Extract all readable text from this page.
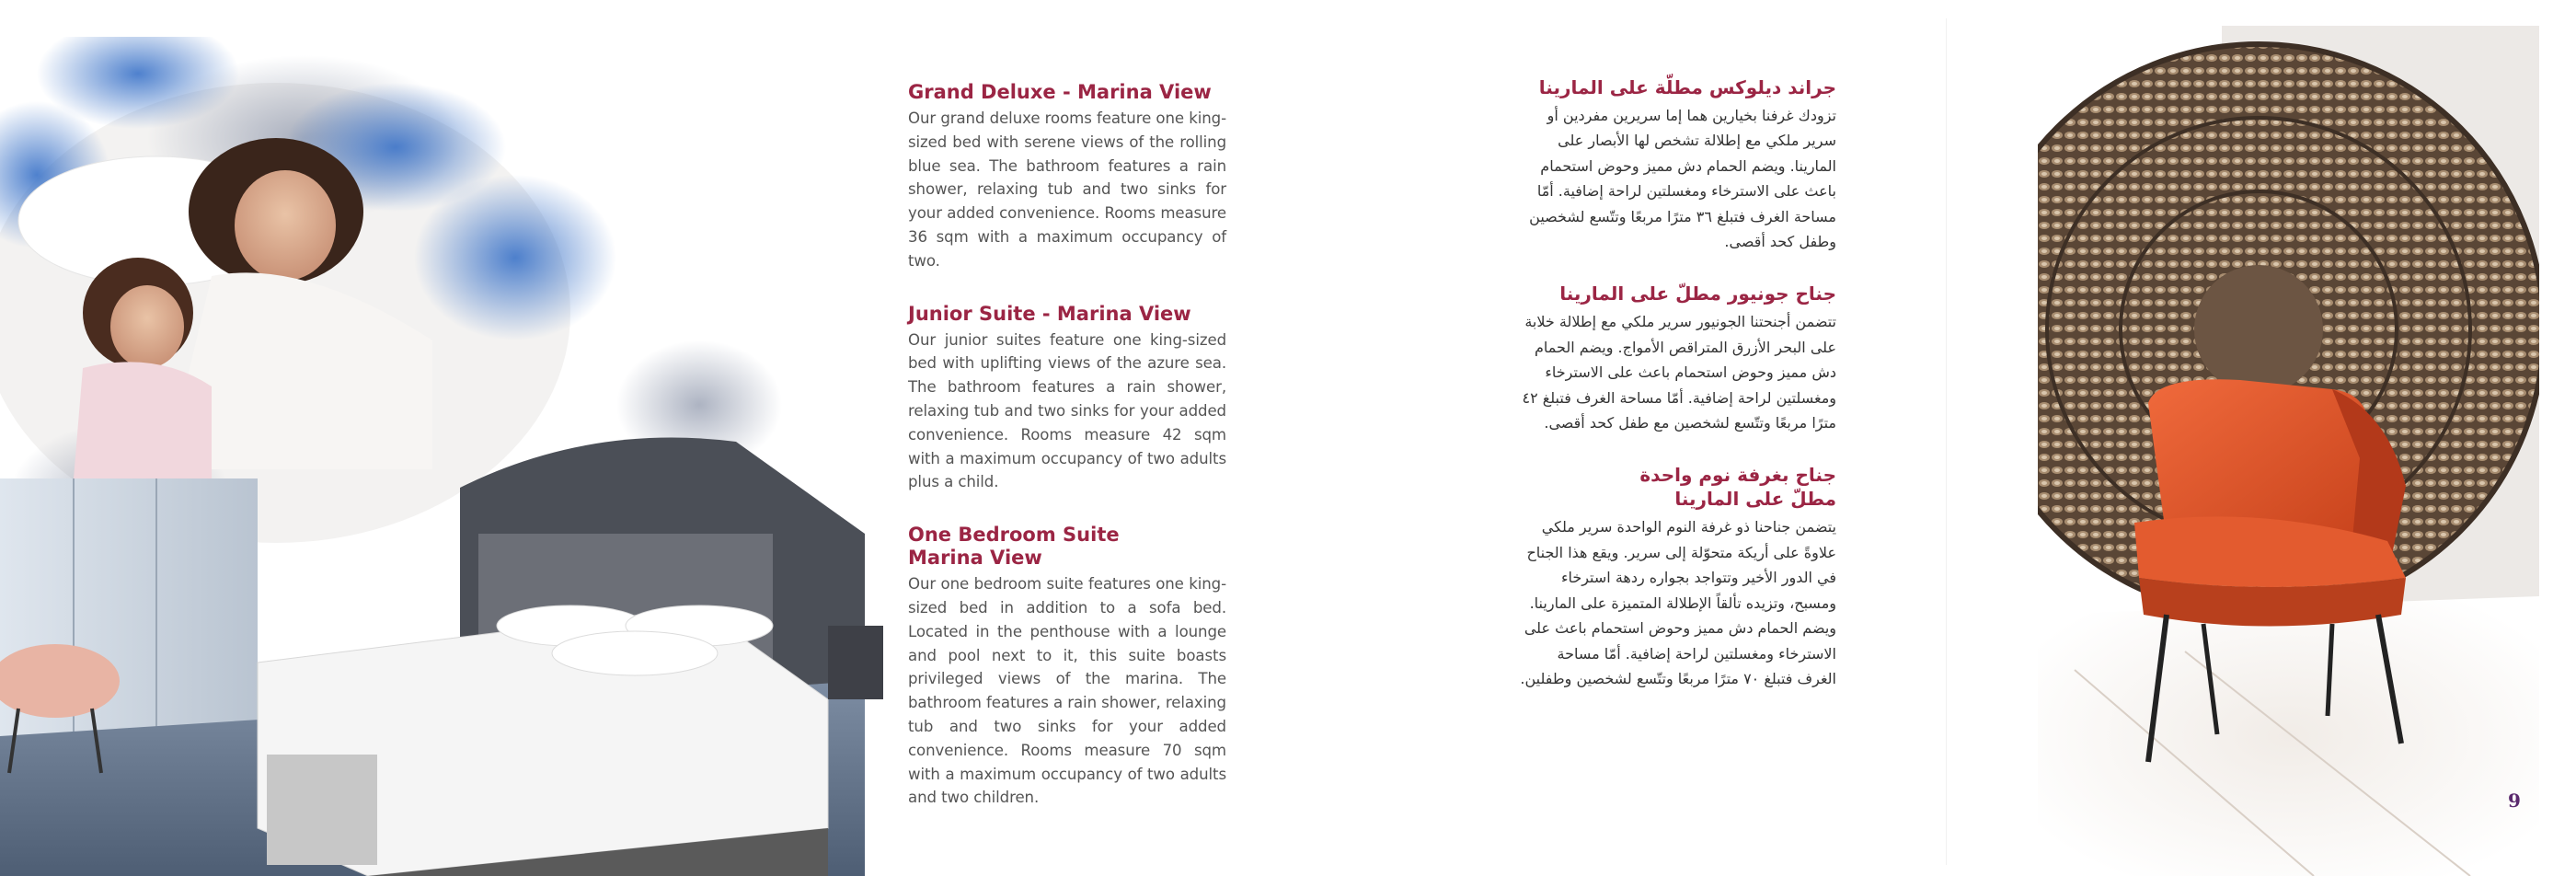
Grand Deluxe - Marina View

Our grand deluxe rooms feature one king-sized bed with serene views of the rolling blue sea. The bathroom features a rain shower, relaxing tub and two sinks for your added convenience. Rooms measure 36 sqm with a maximum occupancy of two.

Junior Suite - Marina View

Our junior suites feature one king-sized bed with uplifting views of the azure sea. The bathroom features a rain shower, relaxing tub and two sinks for your added convenience. Rooms measure 42 sqm with a maximum occupancy of two adults plus a child.

One Bedroom Suite
Marina View

Our one bedroom suite features one king-sized bed in addition to a sofa bed. Located in the penthouse with a lounge and pool next to it, this suite boasts privileged views of the marina. The bathroom features a rain shower, relaxing tub and two sinks for your added convenience. Rooms measure 70 sqm with a maximum occupancy of two adults and two children.

جراند ديلوكس مطلّة على المارينا

تزودك غرفنا بخيارين هما إما سريرين مفردين أو سرير ملكي مع إطلالة تشخص لها الأبصار على المارينا. ويضم الحمام دش مميز وحوض استحمام باعث على الاسترخاء ومغسلتين لراحة إضافية. أمّا مساحة الغرف فتبلغ ٣٦ مترًا مربعًا وتتّسع لشخصين وطفل كحد أقصى.

جناح جونيور مطلّ على المارينا

تتضمن أجنحتنا الجونيور سرير ملكي مع إطلالة خلابة على البحر الأزرق المتراقص الأمواج. ويضم الحمام دش مميز وحوض استحمام باعث على الاسترخاء ومغسلتين لراحة إضافية. أمّا مساحة الغرف فتبلغ ٤٢ مترًا مربعًا وتتّسع لشخصين مع طفل كحد أقصى.

جناح بغرفة نوم واحدة
مطلّ على المارينا

يتضمن جناحنا ذو غرفة النوم الواحدة سرير ملكي علاوةً على أريكة متحوّلة إلى سرير. ويقع هذا الجناح في الدور الأخير وتتواجد بجواره ردهة استرخاء ومسبح، وتزيده تألقاً الإطلالة المتميزة على المارينا. ويضم الحمام دش مميز وحوض استحمام باعث على الاسترخاء ومغسلتين لراحة إضافية. أمّا مساحة الغرف فتبلغ ٧٠ مترًا مربعًا وتتّسع لشخصين وطفلين.

9
